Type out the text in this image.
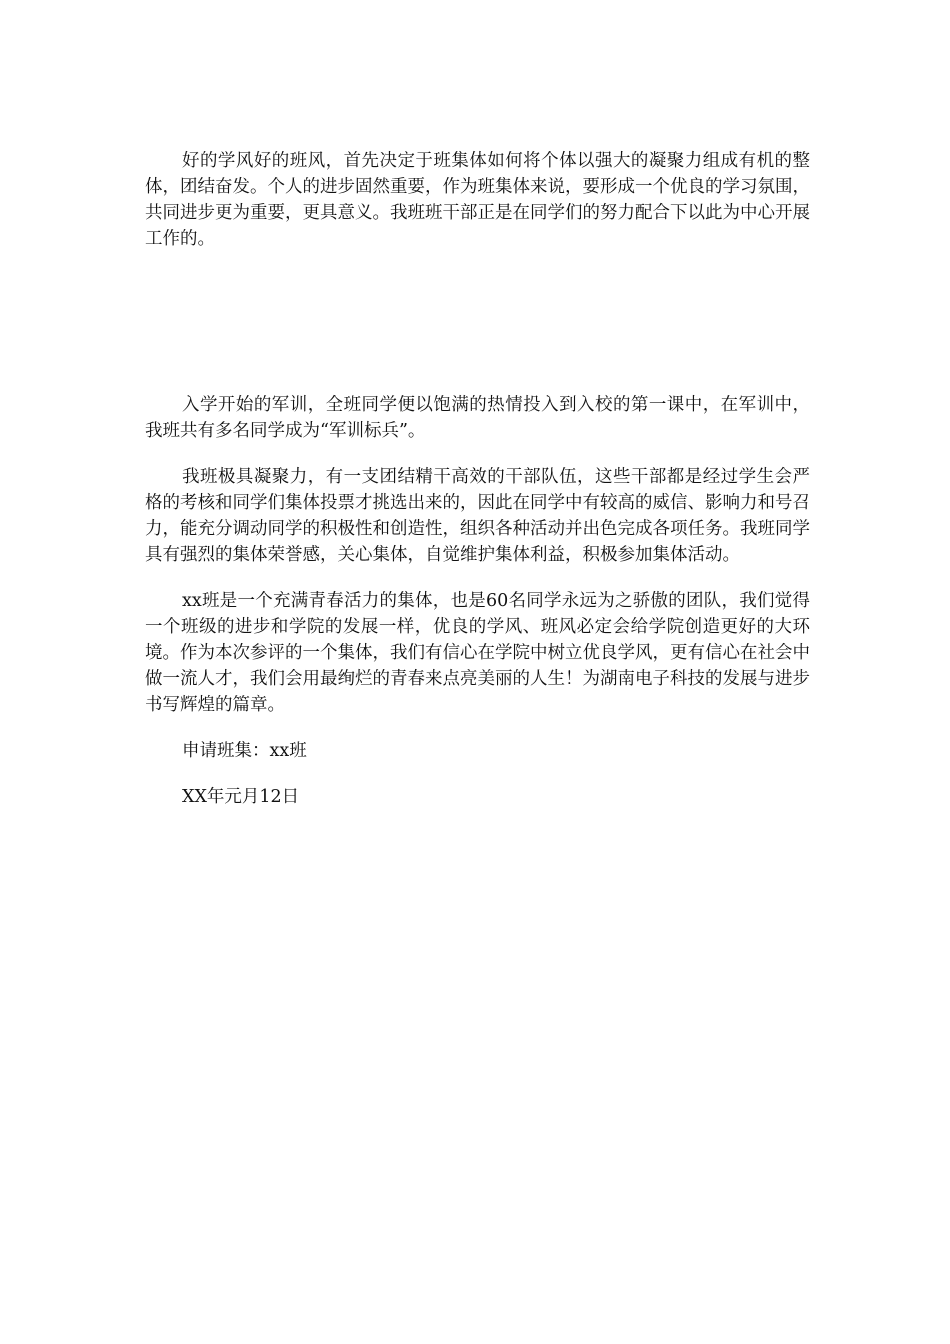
好的学风好的班风，首先决定于班集体如何将个体以强大的凝聚力组成有机的整体，团结奋发。个人的进步固然重要，作为班集体来说，要形成一个优良的学习氛围，共同进步更为重要，更具意义。我班班干部正是在同学们的努力配合下以此为中心开展工作的。

入学开始的军训，全班同学便以饱满的热情投入到入校的第一课中，在军训中，我班共有多名同学成为“军训标兵”。

我班极具凝聚力，有一支团结精干高效的干部队伍，这些干部都是经过学生会严格的考核和同学们集体投票才挑选出来的，因此在同学中有较高的威信、影响力和号召力，能充分调动同学的积极性和创造性，组织各种活动并出色完成各项任务。我班同学具有强烈的集体荣誉感，关心集体，自觉维护集体利益，积极参加集体活动。

xx班是一个充满青春活力的集体，也是60名同学永远为之骄傲的团队，我们觉得一个班级的进步和学院的发展一样，优良的学风、班风必定会给学院创造更好的大环境。作为本次参评的一个集体，我们有信心在学院中树立优良学风，更有信心在社会中做一流人才，我们会用最绚烂的青春来点亮美丽的人生！为湖南电子科技的发展与进步书写辉煌的篇章。

申请班集：xx班

XX年元月12日
